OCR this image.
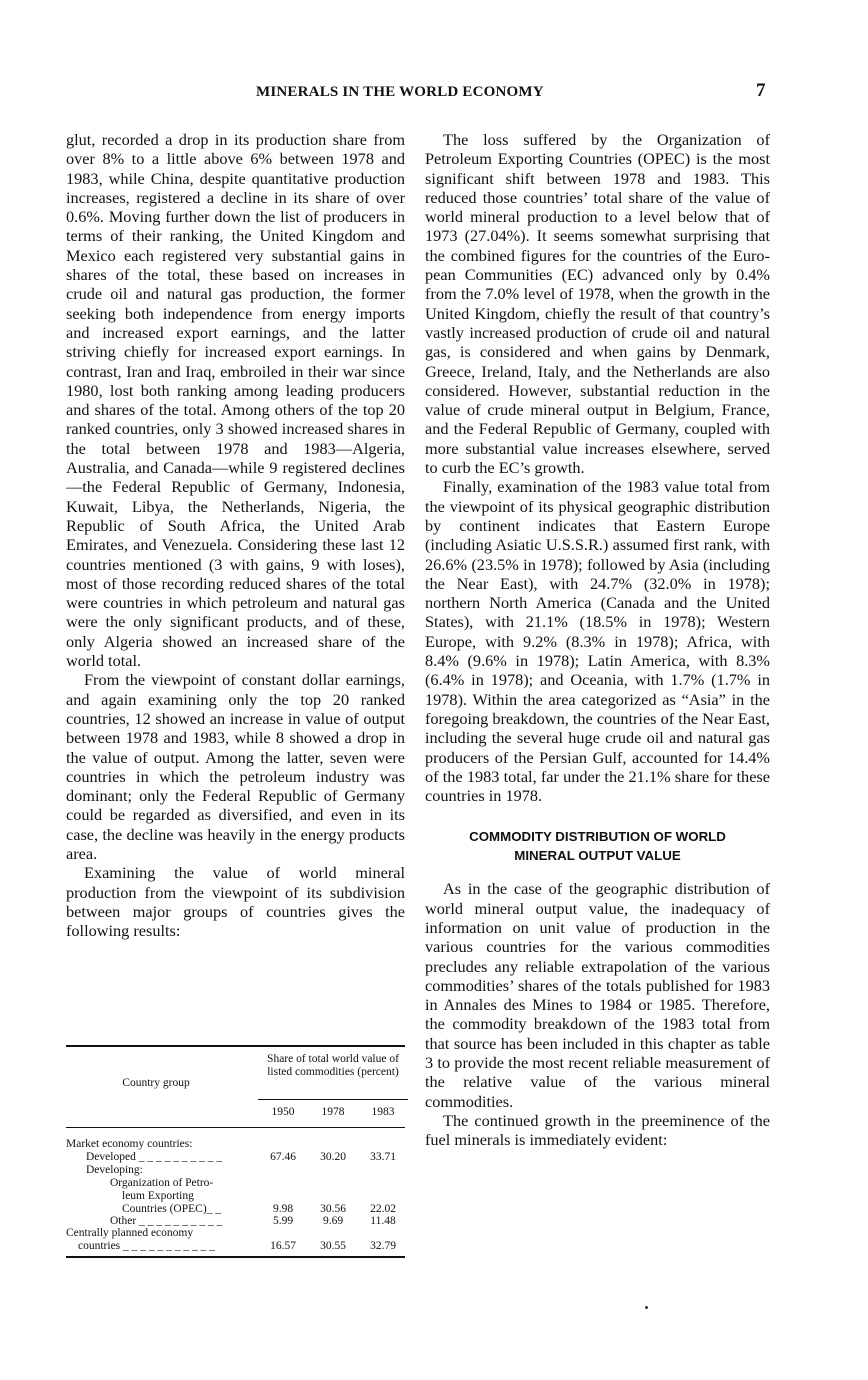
MINERALS IN THE WORLD ECONOMY	7

glut, recorded a drop in its production share from over 8% to a little above 6% between 1978 and 1983, while China, despite quantitative production increases, registered a decline in its share of over 0.6%. Moving further down the list of producers in terms of their ranking, the United Kingdom and Mexico each registered very substantial gains in shares of the total, these based on increases in crude oil and natural gas production, the former seeking both independence from energy imports and increased export earnings, and the latter striving chiefly for increased export earnings. In contrast, Iran and Iraq, embroiled in their war since 1980, lost both ranking among leading producers and shares of the total. Among others of the top 20 ranked countries, only 3 showed increased shares in the total between 1978 and 1983—Algeria, Australia, and Canada—while 9 registered declines—the Federal Republic of Germany, Indonesia, Kuwait, Libya, the Netherlands, Nigeria, the Republic of South Africa, the United Arab Emirates, and Venezuela. Considering these last 12 countries mentioned (3 with gains, 9 with loses), most of those recording reduced shares of the total were countries in which petroleum and natural gas were the only significant products, and of these, only Algeria showed an increased share of the world total.

From the viewpoint of constant dollar earnings, and again examining only the top 20 ranked countries, 12 showed an increase in value of output between 1978 and 1983, while 8 showed a drop in the value of output. Among the latter, seven were countries in which the petroleum industry was dominant; only the Federal Republic of Germany could be regarded as diversified, and even in its case, the decline was heavily in the energy products area.

Examining the value of world mineral production from the viewpoint of its subdivision between major groups of countries gives the following results:

Country group
Share of total world value of listed commodities (percent)
1950	1978	1983
Market economy countries:
Developed _ _ _ _ _ _ _ _ _ _	67.46	30.20	33.71
Developing:
Organization of Petro-
leum Exporting
Countries (OPEC)_ _	9.98	30.56	22.02
Other _ _ _ _ _ _ _ _ _ _	5.99	9.69	11.48
Centrally planned economy
countries _ _ _ _ _ _ _ _ _ _ _	16.57	30.55	32.79

The loss suffered by the Organization of Petroleum Exporting Countries (OPEC) is the most significant shift between 1978 and 1983. This reduced those countries’ total share of the value of world mineral production to a level below that of 1973 (27.04%). It seems somewhat surprising that the combined figures for the countries of the European Communities (EC) advanced only by 0.4% from the 7.0% level of 1978, when the growth in the United Kingdom, chiefly the result of that country’s vastly increased production of crude oil and natural gas, is considered and when gains by Denmark, Greece, Ireland, Italy, and the Netherlands are also considered. However, substantial reduction in the value of crude mineral output in Belgium, France, and the Federal Republic of Germany, coupled with more substantial value increases elsewhere, served to curb the EC’s growth.

Finally, examination of the 1983 value total from the viewpoint of its physical geographic distribution by continent indicates that Eastern Europe (including Asiatic U.S.S.R.) assumed first rank, with 26.6% (23.5% in 1978); followed by Asia (including the Near East), with 24.7% (32.0% in 1978); northern North America (Canada and the United States), with 21.1% (18.5% in 1978); Western Europe, with 9.2% (8.3% in 1978); Africa, with 8.4% (9.6% in 1978); Latin America, with 8.3% (6.4% in 1978); and Oceania, with 1.7% (1.7% in 1978). Within the area categorized as “Asia” in the foregoing breakdown, the countries of the Near East, including the several huge crude oil and natural gas producers of the Persian Gulf, accounted for 14.4% of the 1983 total, far under the 21.1% share for these countries in 1978.

COMMODITY DISTRIBUTION OF WORLD
MINERAL OUTPUT VALUE

As in the case of the geographic distribution of world mineral output value, the inadequacy of information on unit value of production in the various countries for the various commodities precludes any reliable extrapolation of the various commodities’ shares of the totals published for 1983 in Annales des Mines to 1984 or 1985. Therefore, the commodity breakdown of the 1983 total from that source has been included in this chapter as table 3 to provide the most recent reliable measurement of the relative value of the various mineral commodities.

The continued growth in the preeminence of the fuel minerals is immediately evident:
